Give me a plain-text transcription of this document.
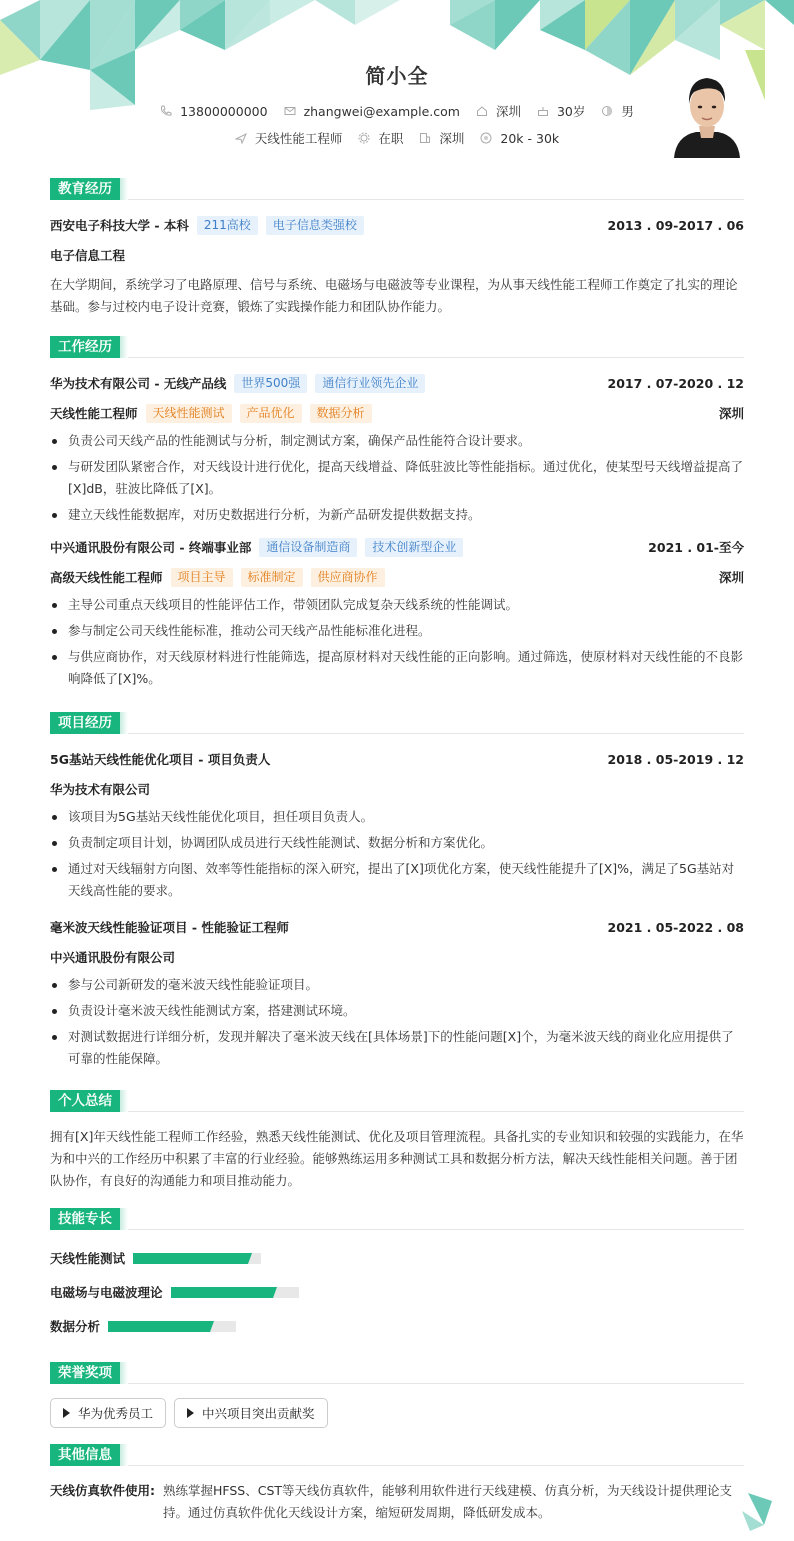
简小全
13800000000	zhangwei@example.com	深圳	30岁	男
天线性能工程师	在职	深圳	20k - 30k
教育经历
西安电子科技大学 - 本科	211高校	电子信息类强校	2013 . 09-2017 . 06
电子信息工程

在大学期间，系统学习了电路原理、信号与系统、电磁场与电磁波等专业课程，为从事天线性能工程师工作奠定了扎实的理论基础。参与过校内电子设计竞赛，锻炼了实践操作能力和团队协作能力。

工作经历
华为技术有限公司 - 无线产品线	世界500强	通信行业领先企业	2017 . 07-2020 . 12
天线性能工程师	天线性能测试	产品优化	数据分析	深圳
负责公司天线产品的性能测试与分析，制定测试方案，确保产品性能符合设计要求。
与研发团队紧密合作，对天线设计进行优化，提高天线增益、降低驻波比等性能指标。通过优化，使某型号天线增益提高了[X]dB，驻波比降低了[X]。
建立天线性能数据库，对历史数据进行分析，为新产品研发提供数据支持。
中兴通讯股份有限公司 - 终端事业部	通信设备制造商	技术创新型企业	2021 . 01-至今
高级天线性能工程师	项目主导	标准制定	供应商协作	深圳
主导公司重点天线项目的性能评估工作，带领团队完成复杂天线系统的性能调试。
参与制定公司天线性能标准，推动公司天线产品性能标准化进程。
与供应商协作，对天线原材料进行性能筛选，提高原材料对天线性能的正向影响。通过筛选，使原材料对天线性能的不良影响降低了[X]%。
项目经历
5G基站天线性能优化项目 - 项目负责人	2018 . 05-2019 . 12
华为技术有限公司
该项目为5G基站天线性能优化项目，担任项目负责人。
负责制定项目计划，协调团队成员进行天线性能测试、数据分析和方案优化。
通过对天线辐射方向图、效率等性能指标的深入研究，提出了[X]项优化方案，使天线性能提升了[X]%，满足了5G基站对天线高性能的要求。
毫米波天线性能验证项目 - 性能验证工程师	2021 . 05-2022 . 08
中兴通讯股份有限公司
参与公司新研发的毫米波天线性能验证项目。
负责设计毫米波天线性能测试方案，搭建测试环境。
对测试数据进行详细分析，发现并解决了毫米波天线在[具体场景]下的性能问题[X]个，为毫米波天线的商业化应用提供了可靠的性能保障。
个人总结

拥有[X]年天线性能工程师工作经验，熟悉天线性能测试、优化及项目管理流程。具备扎实的专业知识和较强的实践能力，在华为和中兴的工作经历中积累了丰富的行业经验。能够熟练运用多种测试工具和数据分析方法，解决天线性能相关问题。善于团队协作，有良好的沟通能力和项目推动能力。

技能专长
天线性能测试
电磁场与电磁波理论
数据分析
荣誉奖项
华为优秀员工	中兴项目突出贡献奖
其他信息
天线仿真软件使用: 熟练掌握HFSS、CST等天线仿真软件，能够利用软件进行天线建模、仿真分析，为天线设计提供理论支持。通过仿真软件优化天线设计方案，缩短研发周期，降低研发成本。
